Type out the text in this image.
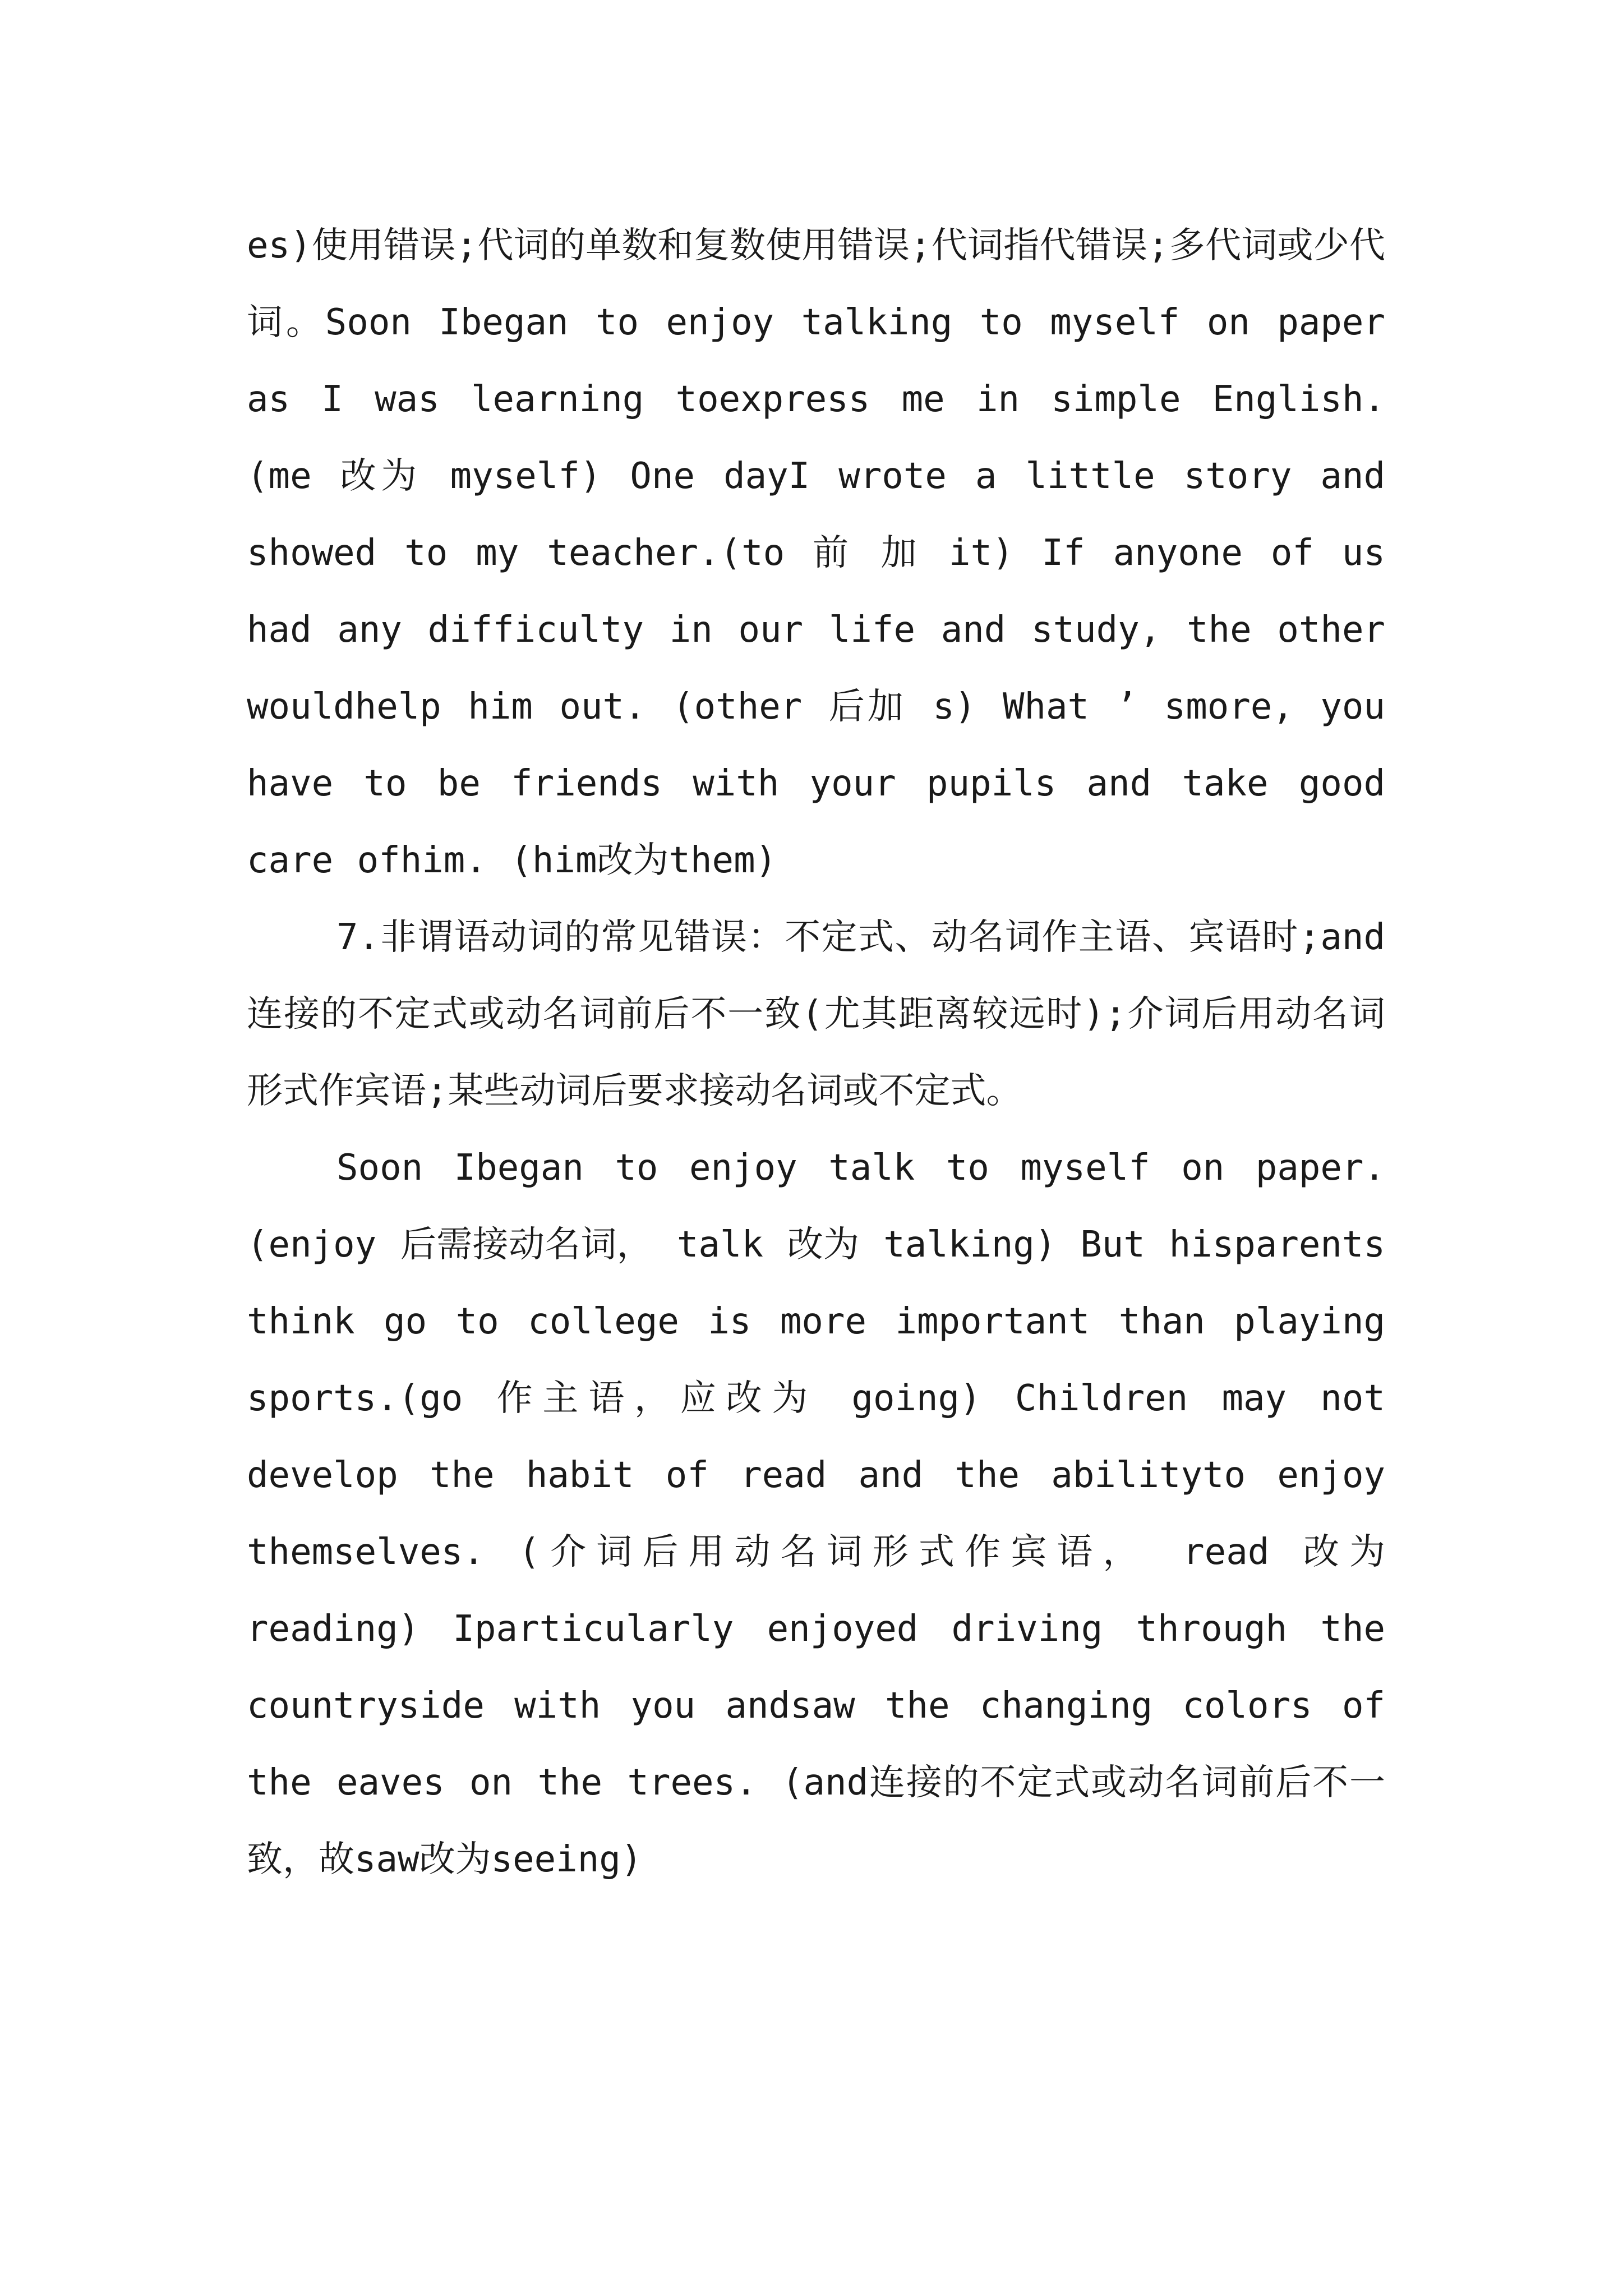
es)使用错误;代词的单数和复数使用错误;代词指代错误;多代词或少代词。Soon Ibegan to enjoy talking to myself on paper as I was learning toexpress me in simple English. (me 改为 myself) One dayI wrote a little story and showed to my teacher.(to 前 加 it) If anyone of us had any difficulty in our life and study, the other wouldhelp him out. (other 后加 s) What ’ smore, you have to be friends with your pupils and take good care ofhim. (him改为them)

7.非谓语动词的常见错误：不定式、动名词作主语、宾语时;and连接的不定式或动名词前后不一致(尤其距离较远时);介词后用动名词形式作宾语;某些动词后要求接动名词或不定式。

Soon Ibegan to enjoy talk to myself on paper. (enjoy 后需接动名词， talk 改为 talking) But hisparents think go to college is more important than playing sports.(go 作主语，应改为 going) Children may not develop the habit of read and the abilityto enjoy themselves. (介词后用动名词形式作宾语， read 改为 reading) Iparticularly enjoyed driving through the countryside with you andsaw the changing colors of the eaves on the trees. (and连接的不定式或动名词前后不一致，故saw改为seeing)
